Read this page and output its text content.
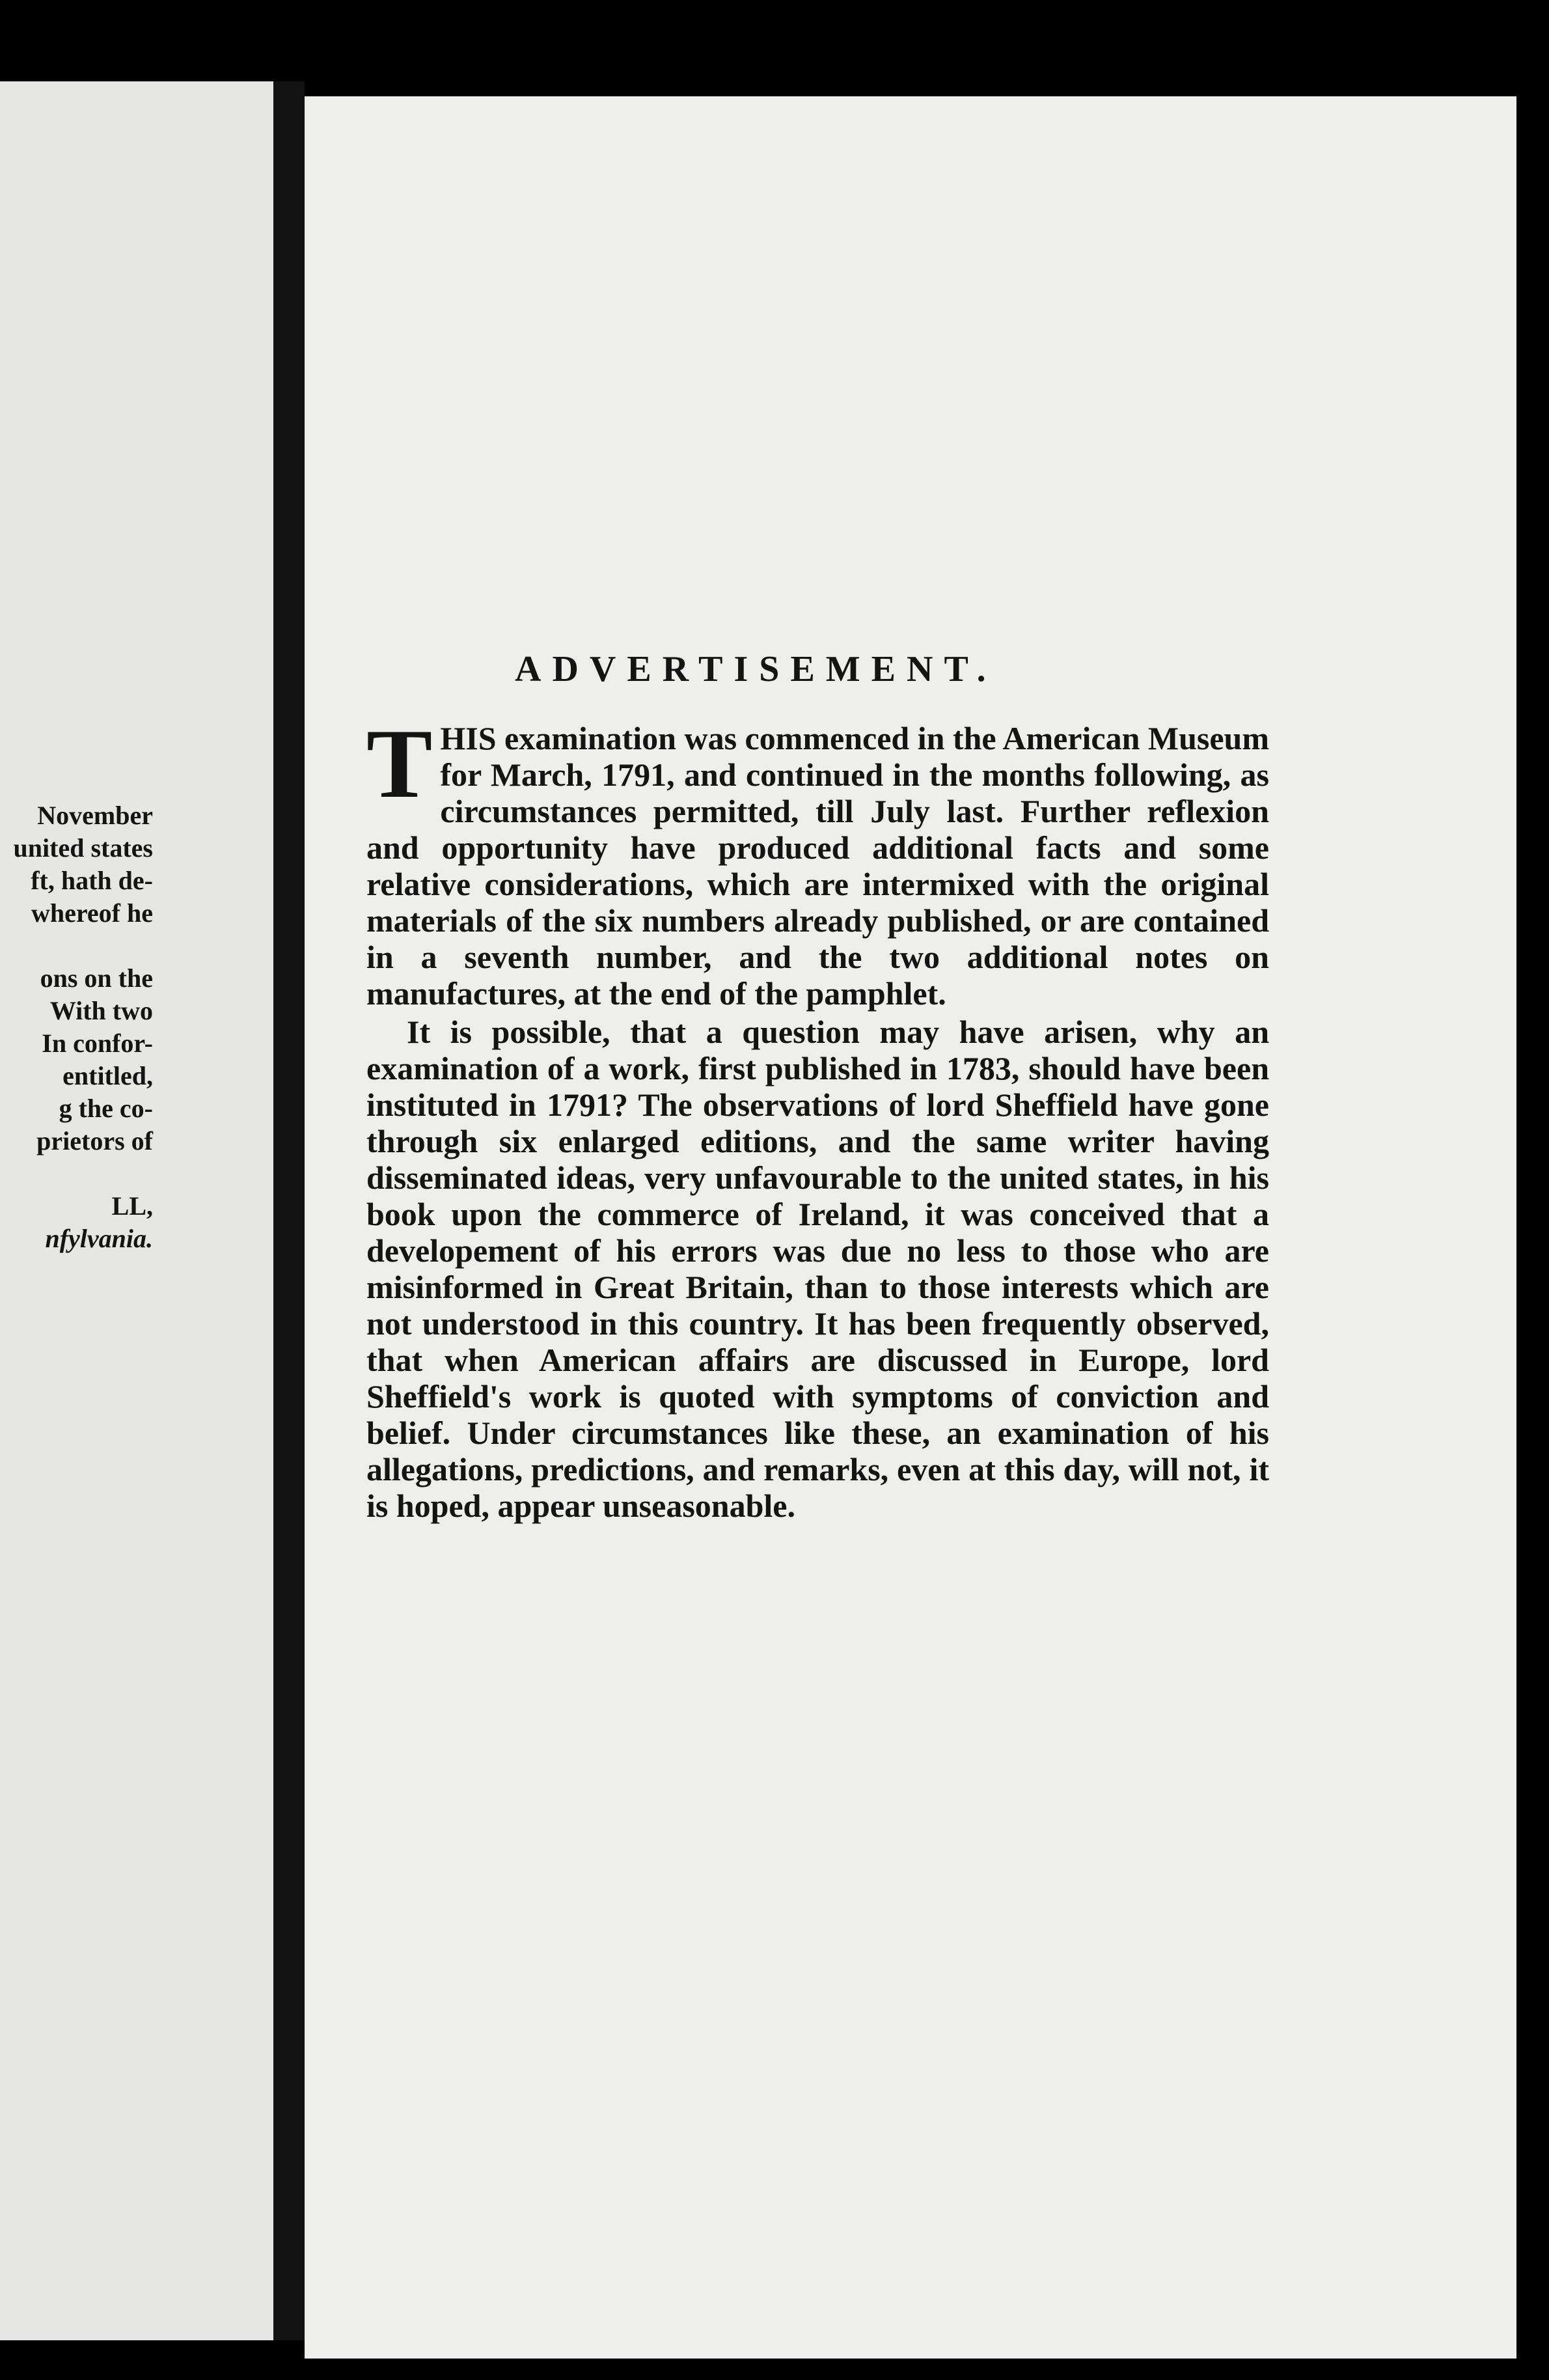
November
united states
ft, hath de-
whereof he
ons on the
With two
In confor-
entitled,
g the co-
prietors of
LL,
nfylvania.
ADVERTISEMENT.

THIS examination was commenced in the American Museum for March, 1791, and continued in the months following, as circumstances permitted, till July last. Further reflexion and opportunity have produced additional facts and some relative considerations, which are intermixed with the original materials of the six numbers already published, or are contained in a seventh number, and the two additional notes on manufactures, at the end of the pamphlet.

It is possible, that a question may have arisen, why an examination of a work, first published in 1783, should have been instituted in 1791? The observations of lord Sheffield have gone through six enlarged editions, and the same writer having disseminated ideas, very unfavourable to the united states, in his book upon the commerce of Ireland, it was conceived that a developement of his errors was due no less to those who are misinformed in Great Britain, than to those interests which are not understood in this country. It has been frequently observed, that when American affairs are discussed in Europe, lord Sheffield's work is quoted with symptoms of conviction and belief. Under circumstances like these, an examination of his allegations, predictions, and remarks, even at this day, will not, it is hoped, appear unseasonable.
